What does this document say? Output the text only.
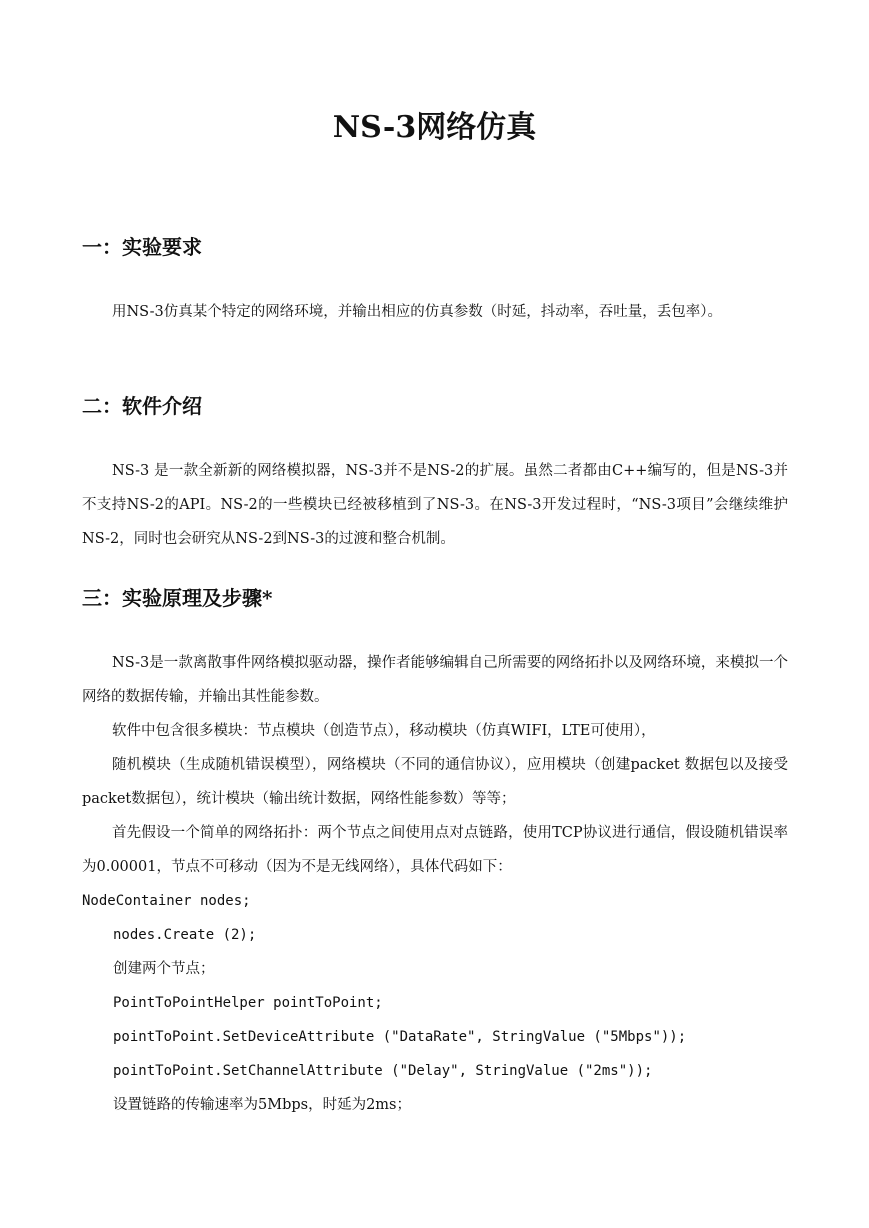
NS-3网络仿真
一：实验要求

用NS-3仿真某个特定的网络环境，并输出相应的仿真参数（时延，抖动率，吞吐量，丢包率）。

二：软件介绍

NS-3 是一款全新新的网络模拟器，NS-3并不是NS-2的扩展。虽然二者都由C++编写的，但是NS-3并不支持NS-2的API。NS-2的一些模块已经被移植到了NS-3。在NS-3开发过程时，“NS-3项目”会继续维护NS-2，同时也会研究从NS-2到NS-3的过渡和整合机制。

三：实验原理及步骤*

NS-3是一款离散事件网络模拟驱动器，操作者能够编辑自己所需要的网络拓扑以及网络环境，来模拟一个网络的数据传输，并输出其性能参数。

软件中包含很多模块：节点模块（创造节点），移动模块（仿真WIFI，LTE可使用），

随机模块（生成随机错误模型），网络模块（不同的通信协议），应用模块（创建packet 数据包以及接受packet数据包），统计模块（输出统计数据，网络性能参数）等等；

首先假设一个简单的网络拓扑：两个节点之间使用点对点链路，使用TCP协议进行通信，假设随机错误率为0.00001，节点不可移动（因为不是无线网络），具体代码如下：

NodeContainer nodes;

nodes.Create (2);

创建两个节点；

PointToPointHelper pointToPoint;

pointToPoint.SetDeviceAttribute ("DataRate", StringValue ("5Mbps"));

pointToPoint.SetChannelAttribute ("Delay", StringValue ("2ms"));

设置链路的传输速率为5Mbps，时延为2ms；
